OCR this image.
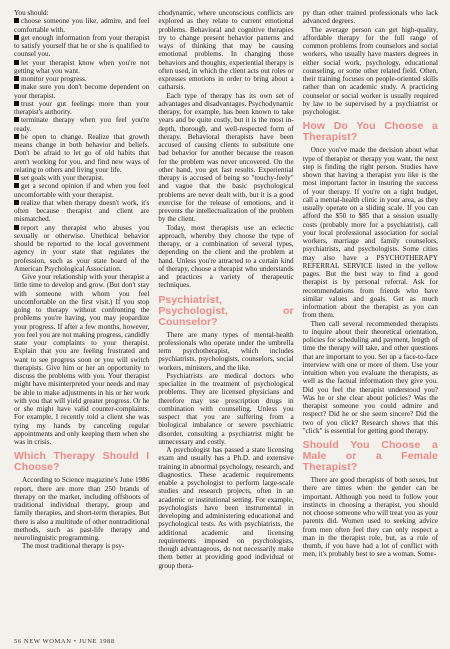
You should:

choose someone you like, admire, and feel comfortable with.
get enough information from your therapist to satisfy yourself that he or she is qualified to counsel you.
let your therapist know when you're not getting what you want.
monitor your progress.
make sure you don't become dependent on your therapist.
trust your gut feelings more than your therapist's authority.
terminate therapy when you feel you're ready.
be open to change. Realize that growth means change in both behavior and beliefs. Don't be afraid to let go of old habits that aren't working for you, and find new ways of relating to others and living your life.
set goals with your therapist.
get a second opinion if and when you feel uncomfortable with your therapist.
realize that when therapy doesn't work, it's often because therapist and client are mismatched.
report any therapist who abuses you sexually or otherwise. Unethical behavior should be reported to the local government agency in your state that regulates the profession, such as your state board of the American Psychological Association.

Give your relationship with your therapist a little time to develop and grow. (But don't stay with someone with whom you feel uncomfortable on the first visit.) If you stop going to therapy without confronting the problems you're having, you may jeopardize your progress. If after a few months, however, you feel you are not making progress, candidly state your complaints to your therapist. Explain that you are feeling frustrated and want to see progress soon or you will switch therapists. Give him or her an opportunity to discuss the problems with you. Your therapist might have misinterpreted your needs and may be able to make adjustments in his or her work with you that will yield greater progress. Or he or she might have valid counter-complaints. For example, I recently told a client she was tying my hands by canceling regular appointments and only keeping them when she was in crisis.

Which Therapy Should I Choose?

According to Science magazine's June 1986 report, there are more than 250 brands of therapy on the market, including offshoots of traditional individual therapy, group and family therapies, and short-term therapies. But there is also a multitude of other nontraditional methods, such as past-life therapy and neurolinguistic programming.

The most traditional therapy is psy-

chodynamic, where unconscious conflicts are explored as they relate to current emotional problems. Behavioral and cognitive therapies try to change present behavior patterns and ways of thinking that may be causing emotional problems. In changing those behaviors and thoughts, experiential therapy is often used, in which the client acts out roles or expresses emotions in order to bring about a catharsis.

Each type of therapy has its own set of advantages and disadvantages. Psychodynamic therapy, for example, has been known to take years and be quite costly, but it is the most in-depth, thorough, and well-respected form of therapy. Behavioral therapists have been accused of causing clients to substitute one bad behavior for another because the reason for the problem was never uncovered. On the other hand, you get fast results. Experiential therapy is accused of being so "touchy-feely" and vague that the basic psychological problems are never dealt with, but it is a good exercise for the release of emotions, and it prevents the intellectualization of the problem by the client.

Today, most therapists use an eclectic approach, whereby they choose the type of therapy, or a combination of several types, depending on the client and the problem at hand. Unless you're attracted to a certain kind of therapy, choose a therapist who understands and practices a variety of therapeutic techniques.

Psychiatrist, Psychologist, or Counselor?

There are many types of mental-health professionals who operate under the umbrella term psychotherapist, which includes psychiatrists, psychologists, counselors, social workers, ministers, and the like.

Psychiatrists are medical doctors who specialize in the treatment of psychological problems. They are licensed physicians and therefore may use prescription drugs in combination with counseling. Unless you suspect that you are suffering from a biological imbalance or severe psychiatric disorder, consulting a psychiatrist might be unnecessary and costly.

A psychologist has passed a state licensing exam and usually has a Ph.D. and extensive training in abnormal psychology, research, and diagnostics. These academic requirements enable a psychologist to perform large-scale studies and research projects, often in an academic or institutional setting. For example, psychologists have been instrumental in developing and administering educational and psychological tests. As with psychiatrists, the additional academic and licensing requirements imposed on psychologists, though advantageous, do not necessarily make them better at providing good individual or group thera-

py than other trained professionals who lack advanced degrees.

The average person can get high-quality, affordable therapy for the full range of common problems from counselors and social workers, who usually have masters degrees in either social work, psychology, educational counseling, or some other related field. Often, their training focuses on people-oriented skills rather than on academic study. A practicing counselor or social worker is usually required by law to be supervised by a psychiatrist or psychologist.

How Do You Choose a Therapist?

Once you've made the decision about what type of therapist or therapy you want, the next step is finding the right person. Studies have shown that having a therapist you like is the most important factor in insuring the success of your therapy. If you're on a tight budget, call a mental-health clinic in your area, as they usually operate on a sliding scale. If you can afford the $50 to $85 that a session usually costs (probably more for a psychiatrist), call your local professional association for social workers, marriage and family counselors, psychiatrists, and psychologists. Some cities may also have a PSYCHOTHERAPY REFERRAL SERVICE listed in the yellow pages. But the best way to find a good therapist is by personal referral. Ask for recommendations from friends who have similar values and goals. Get as much information about the therapist as you can from them.

Then call several recommended therapists to inquire about their theoretical orientation, policies for scheduling and payment, length of time the therapy will take, and other questions that are important to you. Set up a face-to-face interview with one or more of them. Use your intuition when you evaluate the therapists, as well as the factual information they give you. Did you feel the therapist understood you? Was he or she clear about policies? Was the therapist someone you could admire and respect? Did he or she seem sincere? Did the two of you click? Research shows that this "click" is essential for getting good therapy.

Should You Choose a Male or a Female Therapist?

There are good therapists of both sexes, but there are times when the gender can be important. Although you need to follow your instincts in choosing a therapist, you should not choose someone who will treat you as your parents did. Women used to seeking advice from men often feel they can only respect a man in the therapist role, but, as a rule of thumb, if you have had a lot of conflict with men, it's probably best to see a woman. Some-

56 NEW WOMAN • JUNE 1988
